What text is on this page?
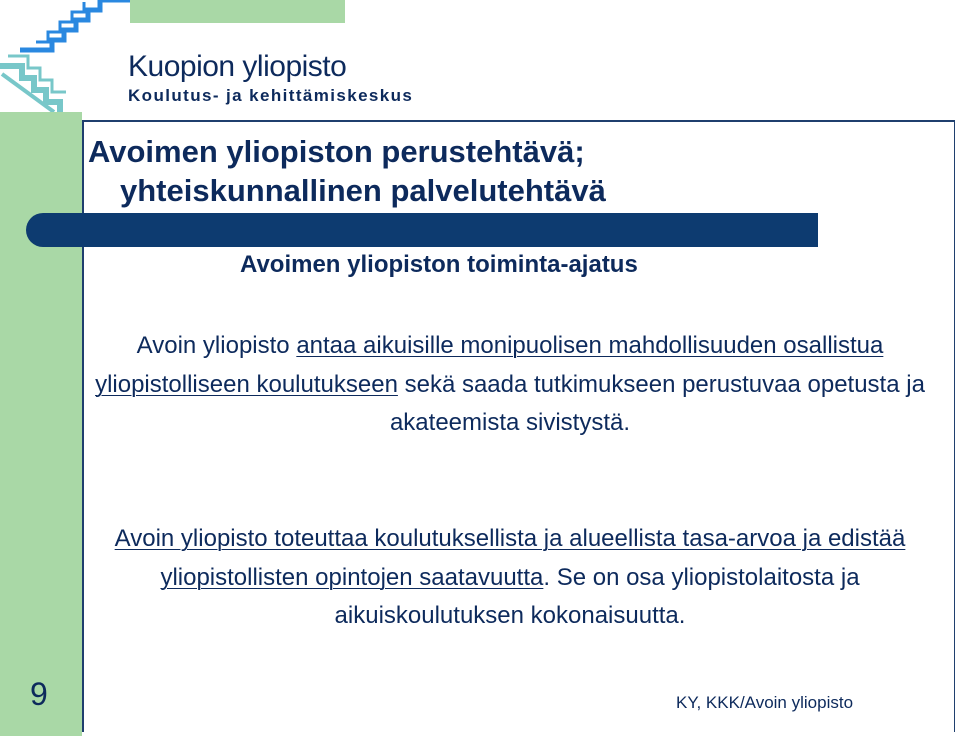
Kuopion yliopisto
Koulutus- ja kehittämiskeskus
Avoimen yliopiston perustehtävä;
yhteiskunnallinen palvelutehtävä
Avoimen yliopiston toiminta-ajatus
Avoin yliopisto antaa aikuisille monipuolisen mahdollisuuden osallistua yliopistolliseen koulutukseen sekä saada tutkimukseen perustuvaa opetusta ja akateemista sivistystä.
Avoin yliopisto toteuttaa koulutuksellista ja alueellista tasa-arvoa ja edistää yliopistollisten opintojen saatavuutta. Se on osa yliopistolaitosta ja aikuiskoulutuksen kokonaisuutta.
9	KY, KKK/Avoin yliopisto
